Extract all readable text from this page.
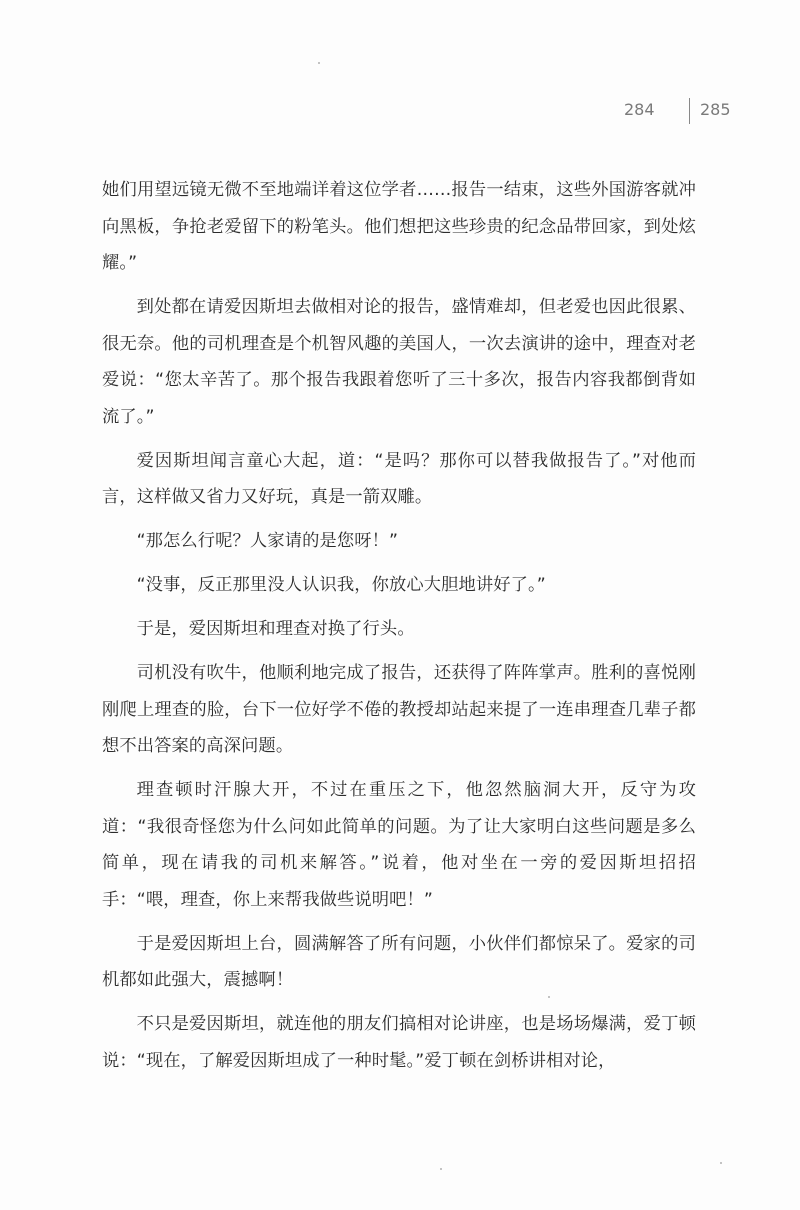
284	285

她们用望远镜无微不至地端详着这位学者……报告一结束，这些外国游客就冲向黑板，争抢老爱留下的粉笔头。他们想把这些珍贵的纪念品带回家，到处炫耀。”

到处都在请爱因斯坦去做相对论的报告，盛情难却，但老爱也因此很累、很无奈。他的司机理查是个机智风趣的美国人，一次去演讲的途中，理查对老爱说：“您太辛苦了。那个报告我跟着您听了三十多次，报告内容我都倒背如流了。”

爱因斯坦闻言童心大起，道：“是吗？那你可以替我做报告了。”对他而言，这样做又省力又好玩，真是一箭双雕。

“那怎么行呢？人家请的是您呀！”

“没事，反正那里没人认识我，你放心大胆地讲好了。”

于是，爱因斯坦和理查对换了行头。

司机没有吹牛，他顺利地完成了报告，还获得了阵阵掌声。胜利的喜悦刚刚爬上理查的脸，台下一位好学不倦的教授却站起来提了一连串理查几辈子都想不出答案的高深问题。

理查顿时汗腺大开，不过在重压之下，他忽然脑洞大开，反守为攻道：“我很奇怪您为什么问如此简单的问题。为了让大家明白这些问题是多么简单，现在请我的司机来解答。”说着，他对坐在一旁的爱因斯坦招招手：“喂，理查，你上来帮我做些说明吧！”

于是爱因斯坦上台，圆满解答了所有问题，小伙伴们都惊呆了。爱家的司机都如此强大，震撼啊！

不只是爱因斯坦，就连他的朋友们搞相对论讲座，也是场场爆满，爱丁顿说：“现在，了解爱因斯坦成了一种时髦。”爱丁顿在剑桥讲相对论，
